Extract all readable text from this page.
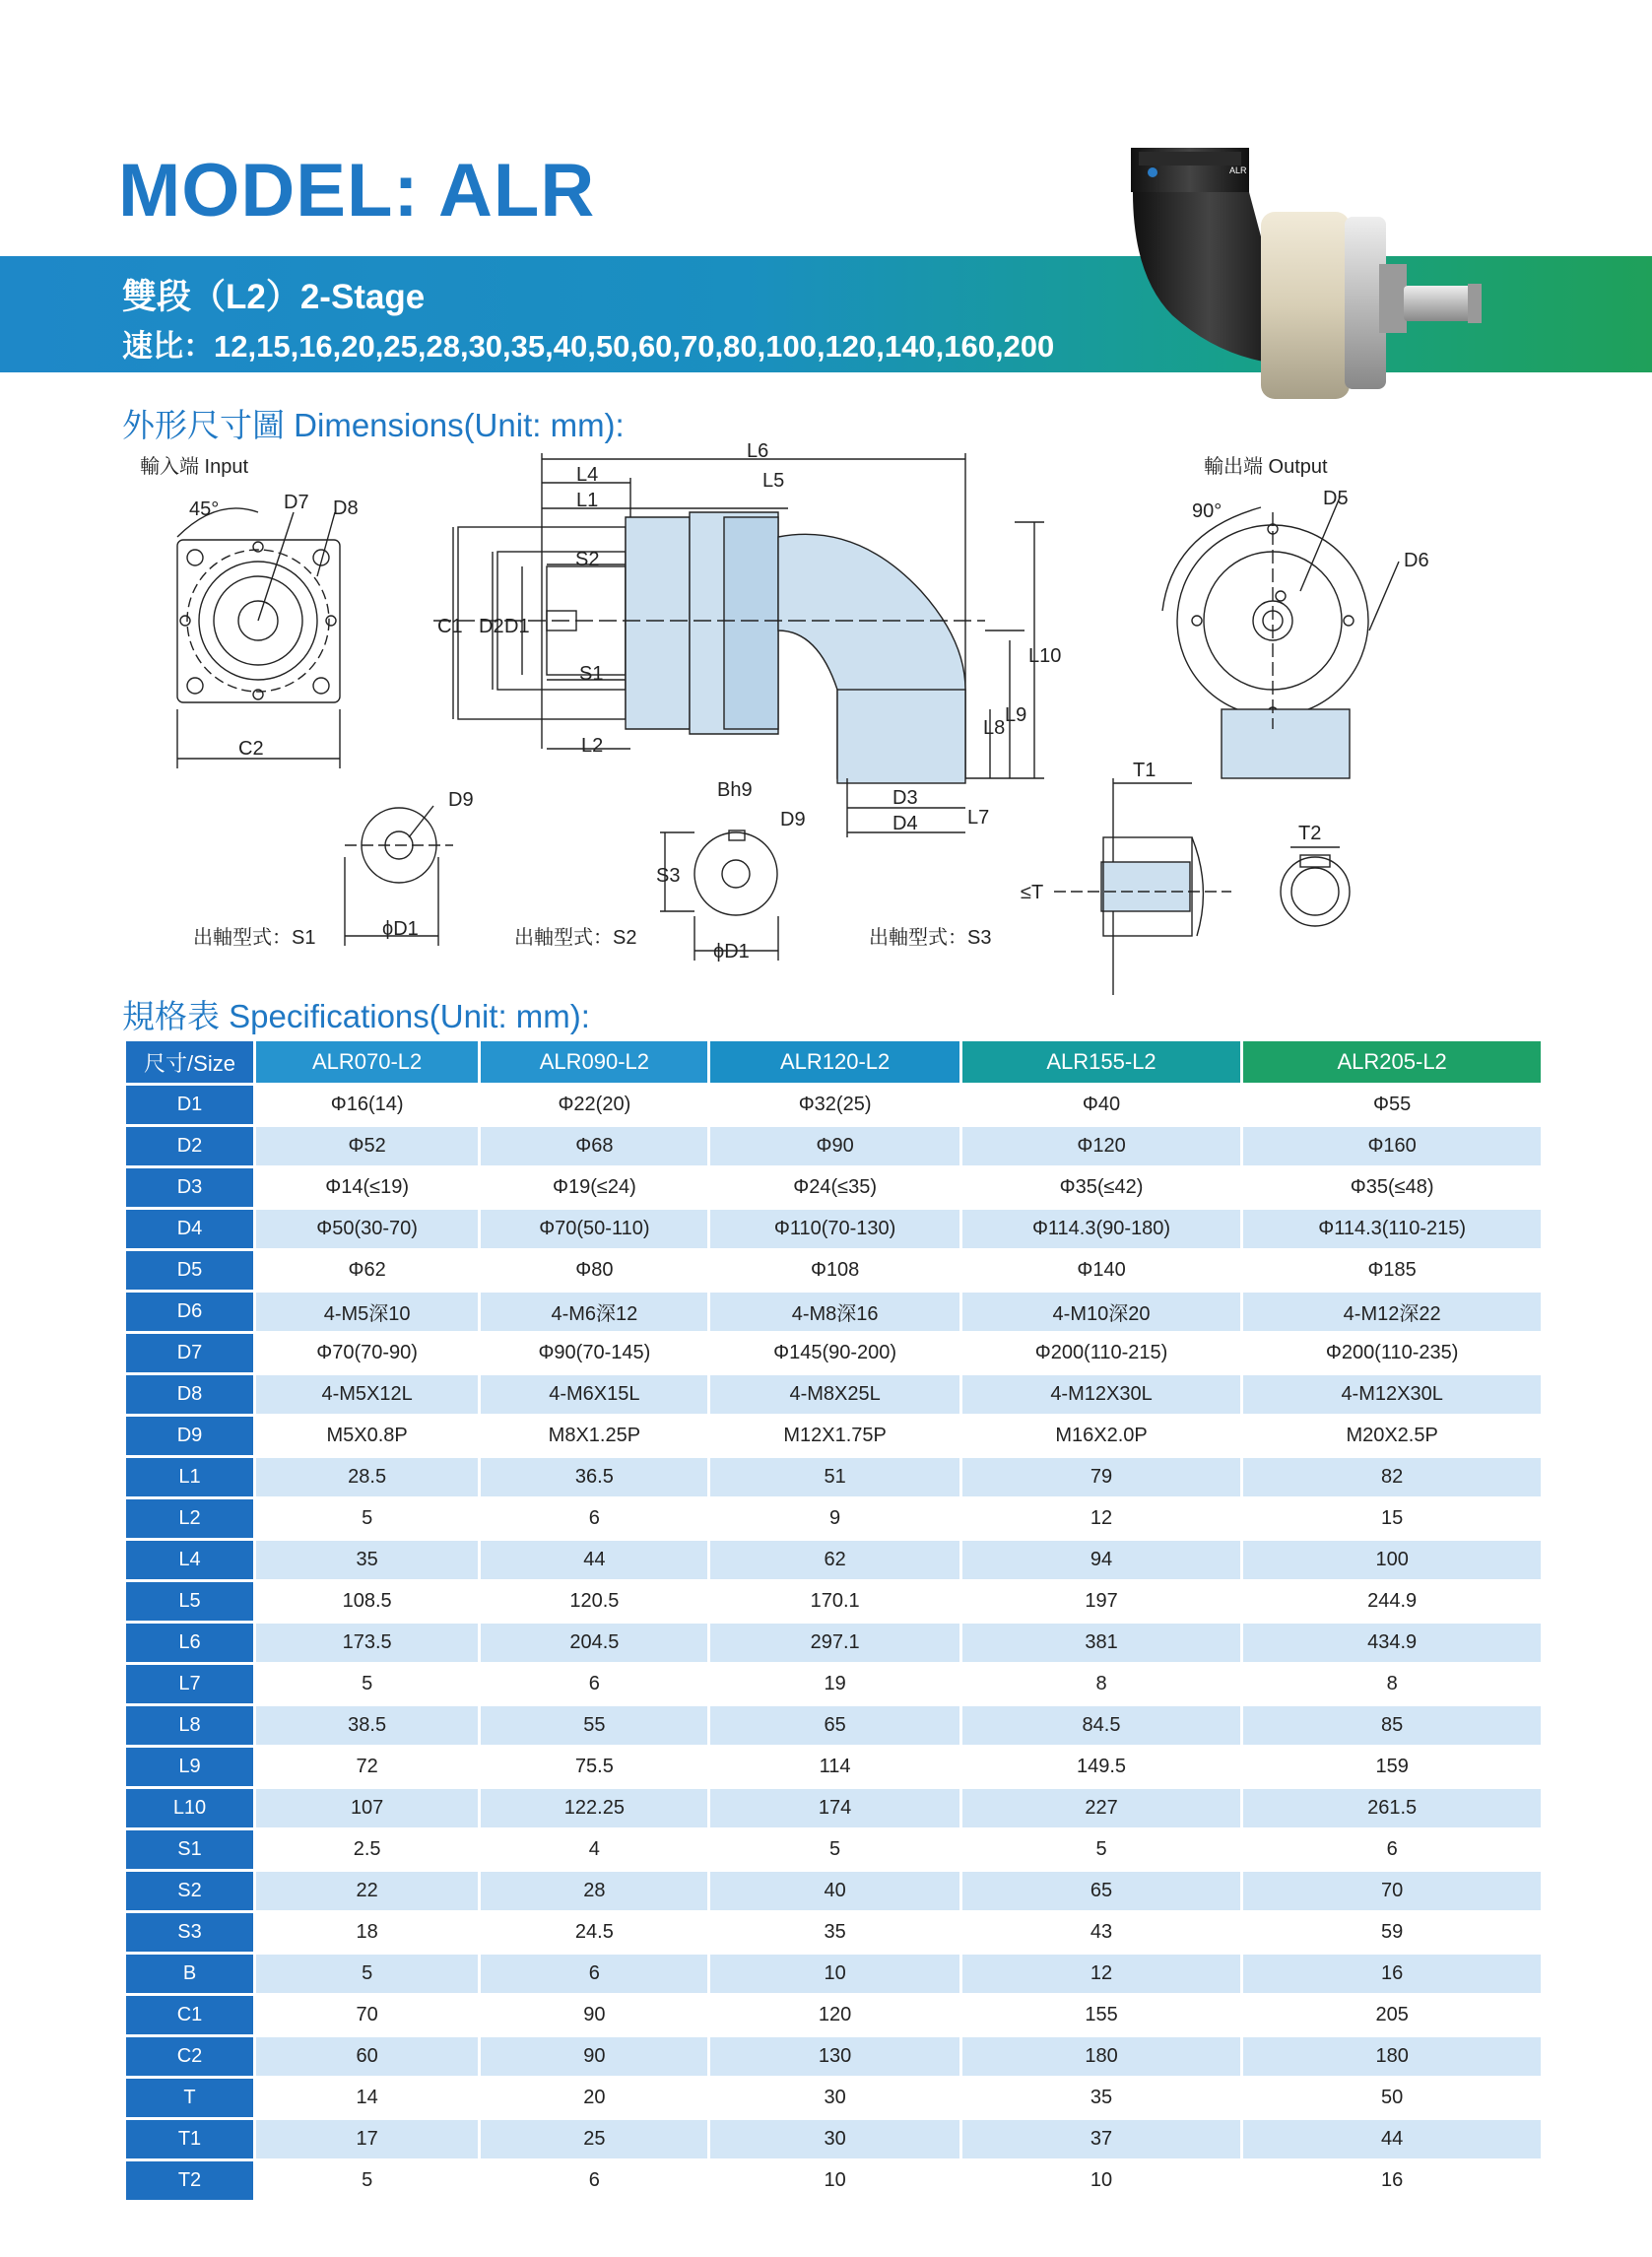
MODEL: ALR
雙段（L2）2-Stage
速比：12,15,16,20,25,28,30,35,40,50,60,70,80,100,120,140,160,200
ALR
外形尺寸圖 Dimensions(Unit: mm):
輸入端 Input	輸出端 Output
45°	D7 D8
C2
C1 D2 D1
L6
L4	L5
L1
S2
S1
L2
L10
L9
L8
L7
D3
D4
D5
D6
90°
D9
ϕD1
Bh9
D9
S3
ϕD1
T1
T2
≤T
出軸型式：S1	出軸型式：S2	出軸型式：S3
規格表 Specifications(Unit: mm):
尺寸/Size	ALR070-L2	ALR090-L2	ALR120-L2	ALR155-L2	ALR205-L2
D1	Φ16(14)	Φ22(20)	Φ32(25)	Φ40	Φ55
D2	Φ52	Φ68	Φ90	Φ120	Φ160
D3	Φ14(≤19)	Φ19(≤24)	Φ24(≤35)	Φ35(≤42)	Φ35(≤48)
D4	Φ50(30-70)	Φ70(50-110)	Φ110(70-130)	Φ114.3(90-180)	Φ114.3(110-215)
D5	Φ62	Φ80	Φ108	Φ140	Φ185
D6	4-M5深10	4-M6深12	4-M8深16	4-M10深20	4-M12深22
D7	Φ70(70-90)	Φ90(70-145)	Φ145(90-200)	Φ200(110-215)	Φ200(110-235)
D8	4-M5X12L	4-M6X15L	4-M8X25L	4-M12X30L	4-M12X30L
D9	M5X0.8P	M8X1.25P	M12X1.75P	M16X2.0P	M20X2.5P
L1	28.5	36.5	51	79	82
L2	5	6	9	12	15
L4	35	44	62	94	100
L5	108.5	120.5	170.1	197	244.9
L6	173.5	204.5	297.1	381	434.9
L7	5	6	19	8	8
L8	38.5	55	65	84.5	85
L9	72	75.5	114	149.5	159
L10	107	122.25	174	227	261.5
S1	2.5	4	5	5	6
S2	22	28	40	65	70
S3	18	24.5	35	43	59
B	5	6	10	12	16
C1	70	90	120	155	205
C2	60	90	130	180	180
T	14	20	30	35	50
T1	17	25	30	37	44
T2	5	6	10	10	16
